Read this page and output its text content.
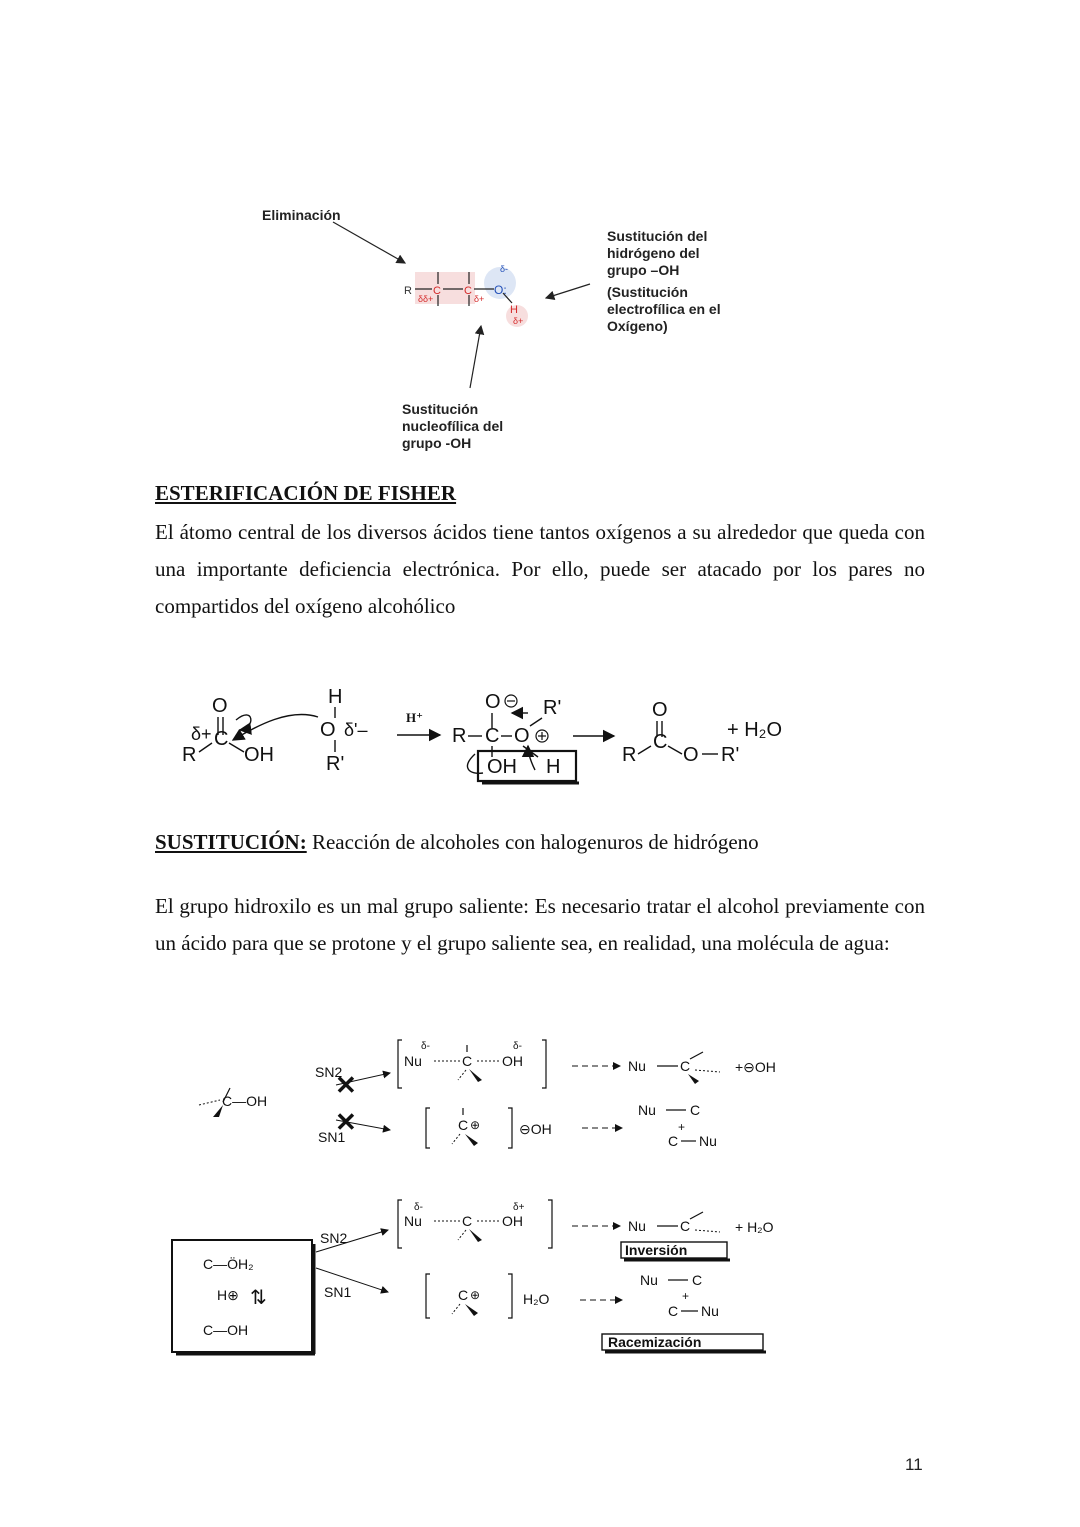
Eliminación
Sustitución del
hidrógeno del
grupo –OH
(Sustitución
electrofílica en el
Oxígeno)
Sustitución
nucleofílica del
grupo -OH
R C C O:
H
δ-
δδ+	δ+
δ+
ESTERIFICACIÓN DE FISHER
El átomo central de los diversos ácidos tiene tantos oxígenos a su alrededor que queda con una importante deficiencia electrónica. Por ello, puede ser atacado por los pares no compartidos del oxígeno alcohólico
O
δ+ C
R OH
H
O δ'–
R'
H⁺
O
R C O
R'
OH H
O
C
R O R'
+ H₂O
SUSTITUCIÓN: Reacción de alcoholes con halogenuros de hidrógeno
El grupo hidroxilo es un mal grupo saliente: Es necesario tratar el alcohol previamente con un ácido para que se protone y el grupo saliente sea, en realidad, una molécula de agua:
C—OH
SN2
✕
SN1
✕
Nu
δ-
C
δ-
OH	Nu C	+⊖OH
C ⊕	⊖OH
Nu C
+
C Nu
C—ÖH₂
H⊕ ⇅
C—OH
SN2
SN1
Nu
δ-
C
δ+
OH	Nu C	+ H₂O
Inversión
C ⊕	H₂O
Nu C
+
C Nu
Racemización
11
